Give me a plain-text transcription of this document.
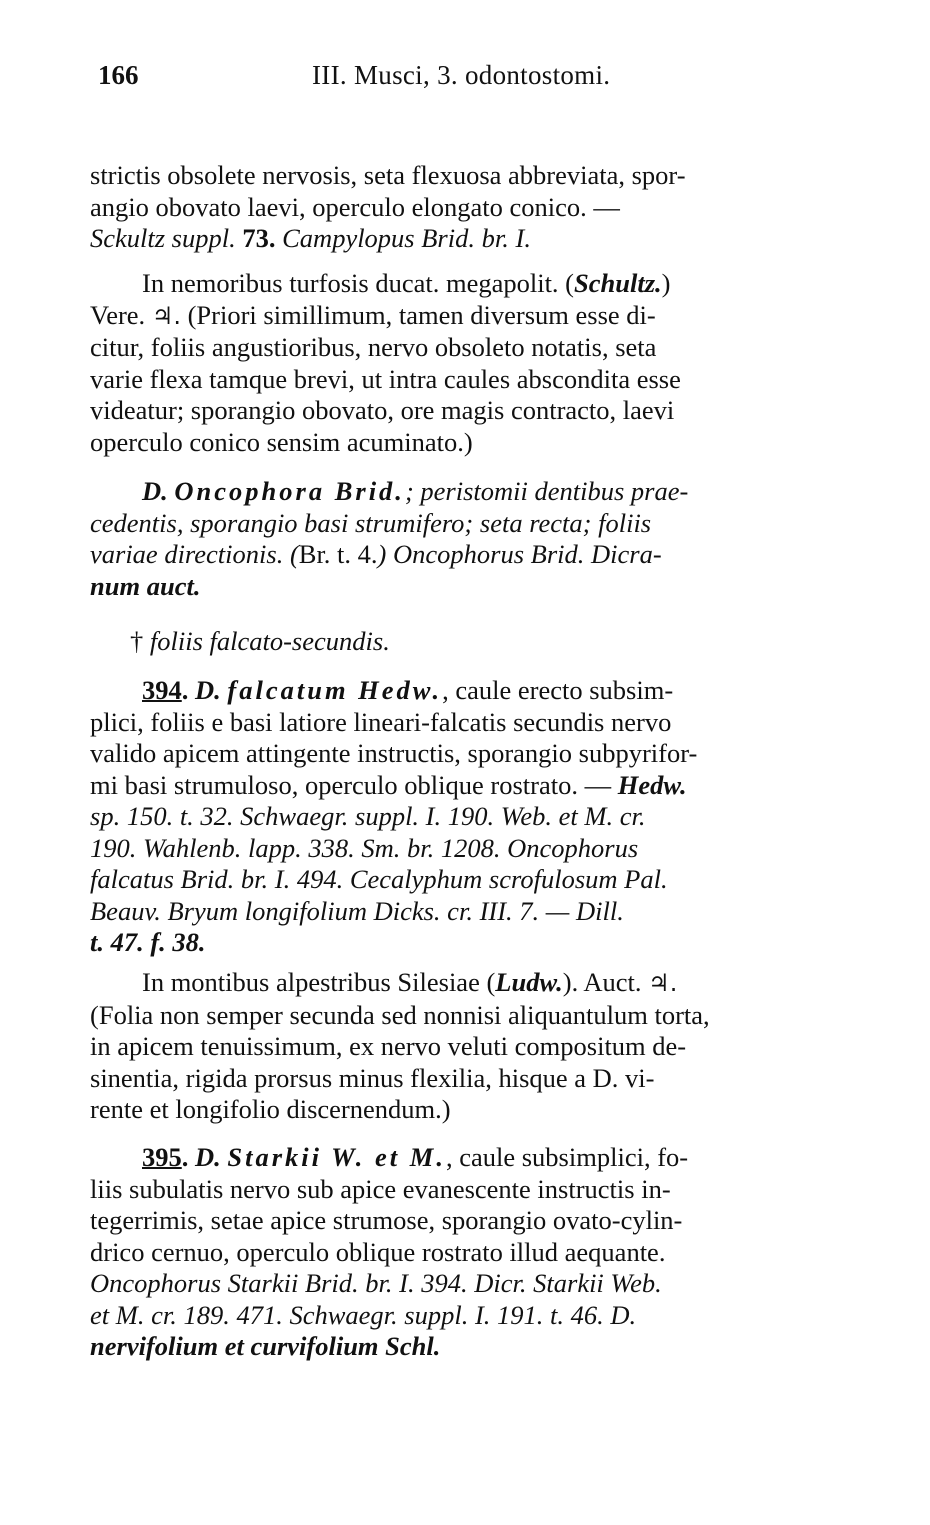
166	III. Musci, 3. odontostomi.
strictis obsolete nervosis, seta flexuosa abbreviata, spor-
angio obovato laevi, operculo elongato conico. —
Sckultz suppl. 73. Campylopus Brid. br. I.
In nemoribus turfosis ducat. megapolit. (Schultz.)
Vere. ♃. (Priori simillimum, tamen diversum esse di-
citur, foliis angustioribus, nervo obsoleto notatis, seta
varie flexa tamque brevi, ut intra caules abscondita esse
videatur; sporangio obovato, ore magis contracto, laevi
operculo conico sensim acuminato.)
D. Oncophora Brid.; peristomii dentibus prae-
cedentis, sporangio basi strumifero; seta recta; foliis
variae directionis. (Br. t. 4.) Oncophorus Brid. Dicra-
num auct.
† foliis falcato-secundis.
394. D. falcatum Hedw., caule erecto subsim-
plici, foliis e basi latiore lineari-falcatis secundis nervo
valido apicem attingente instructis, sporangio subpyrifor-
mi basi strumuloso, operculo oblique rostrato. — Hedw.
sp. 150. t. 32. Schwaegr. suppl. I. 190. Web. et M. cr.
190. Wahlenb. lapp. 338. Sm. br. 1208. Oncophorus
falcatus Brid. br. I. 494. Cecalyphum scrofulosum Pal.
Beauv. Bryum longifolium Dicks. cr. III. 7. — Dill.
t. 47. f. 38.
In montibus alpestribus Silesiae (Ludw.). Auct. ♃.
(Folia non semper secunda sed nonnisi aliquantulum torta,
in apicem tenuissimum, ex nervo veluti compositum de-
sinentia, rigida prorsus minus flexilia, hisque a D. vi-
rente et longifolio discernendum.)
395. D. Starkii W. et M., caule subsimplici, fo-
liis subulatis nervo sub apice evanescente instructis in-
tegerrimis, setae apice strumose, sporangio ovato-cylin-
drico cernuo, operculo oblique rostrato illud aequante.
Oncophorus Starkii Brid. br. I. 394. Dicr. Starkii Web.
et M. cr. 189. 471. Schwaegr. suppl. I. 191. t. 46. D.
nervifolium et curvifolium Schl.
